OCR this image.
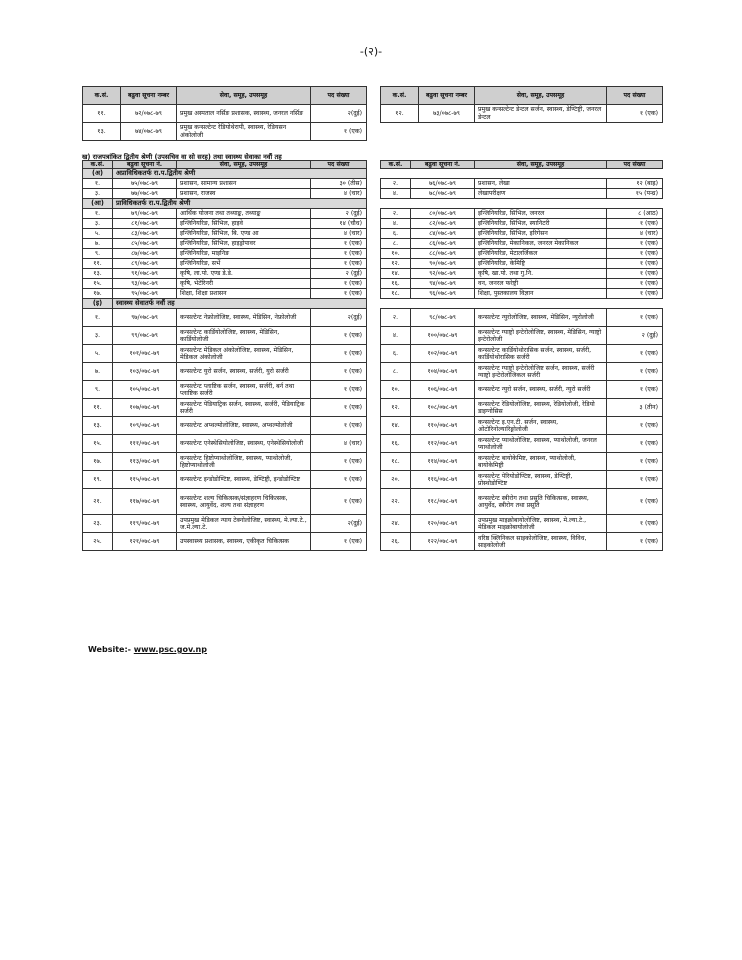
-(२)-
क.सं.	बढुवा सूचना नम्बर	सेवा, समूह, उपसमूह	पद संख्या
११.	७२/०७८-७९	प्रमुख अस्पताल नर्सिङ प्रशासक, स्वास्थ्य, जनरल नर्सिङ	२(दुई)
१३.	७४/०७८-७९	प्रमुख कन्सल्टेन्ट रेडियोथेरापी, स्वास्थ्य, रेडियसन अंकोलोजी	१ (एक)
क.सं.	बढुवा सूचना नम्बर	सेवा, समूह, उपसमूह	पद संख्या
१२.	७३/०७८-७९	प्रमुख कन्सल्टेन्ट डेन्टल सर्जन, स्वास्थ्य, डेण्टिष्ट्री, जनरल डेन्टल	१ (एक)
ख) राजपत्रांकित द्वितीय श्रेणी (उपसचिव वा सो सरह) तथा स्वास्थ्य सेवाका नवौं तह
क.सं.	बढुवा सूचना नं.	सेवा, समूह, उपसमूह	पद संख्या
(अ)	अप्राविधिकतर्फ रा.प.द्वितीय श्रेणी		
१.	७५/०७८-७९	प्रशासन, सामान्य प्रशासन	३० (तीस)
३.	७७/०७८-७९	प्रशासन, राजस्व	४ (चार)
(आ)	प्राविधिकतर्फ रा.प.द्वितीय श्रेणी		
१.	७९/०७८-७९	आर्थिक योजना तथा तथ्याङ्क, तथ्याङ्क	२ (दुई)
३.	८१/०७८-७९	इन्जिनियरिङ, सिभिल, हाइवे	१४ (चौध)
५.	८३/०७८-७९	इन्जिनियरिङ, सिभिल, बि. एण्ड आ	४ (चार)
७.	८५/०७८-७९	इन्जिनियरिङ, सिभिल, हाइड्रोपावर	१ (एक)
९.	८७/०७८-७९	इन्जिनियरिङ, माइनिङ	१ (एक)
११.	८९/०७८-७९	इन्जिनियरिङ, सर्भे	१ (एक)
१३.	९१/०७८-७९	कृषि, ला.पो. एण्ड डे.डे.	२ (दुई)
१५.	९३/०७८-७९	कृषि, भेटेरिनरी	१ (एक)
१७.	९५/०७८-७९	शिक्षा, शिक्षा प्रशासन	१ (एक)
(इ)	स्वास्थ्य सेवातर्फ नवौं तह		
१.	९७/०७८-७९	कन्सल्टेन्ट नेफ्रोलोजिष्ट, स्वास्थ्य, मेडिसिन, नेफ्रोलोजी	२(दुई)
३.	९९/०७८-७९	कन्सल्टेन्ट कार्डियोलोजिष्ट, स्वास्थ्य, मेडिसिन, कार्डियोलोजी	१ (एक)
५.	१०१/०७८-७९	कन्सल्टेन्ट मेडिकल अंकोलोजिष्ट, स्वास्थ्य, मेडिसिन, मेडिकल अंकोलोजी	१ (एक)
७.	१०३/०७८-७९	कन्सल्टेन्ट युरो सर्जन, स्वास्थ्य, सर्जरी, युरो सर्जरी	१ (एक)
९.	१०५/०७८-७९	कन्सल्टेन्ट प्लाष्टिक सर्जन, स्वास्थ्य, सर्जरी, बर्न तथा प्लाष्टिक सर्जरी	१ (एक)
११.	१०७/०७८-७९	कन्सल्टेन्ट पेडियाट्रिक सर्जन, स्वास्थ्य, सर्जरी, पेडियाट्रिक सर्जरी	१ (एक)
१३.	१०९/०७८-७९	कन्सल्टेन्ट अप्थल्मोलोजिष्ट, स्वास्थ्य, अप्थल्मोलोजी	१ (एक)
१५.	१११/०७८-७९	कन्सल्टेन्ट एनेस्थेसियोलोजिष्ट, स्वास्थ्य, एनेस्थेसियोलोजी	४ (चार)
१७.	११३/०७८-७९	कन्सल्टेन्ट हिष्टोप्याथोलोजिष्ट, स्वास्थ्य, प्याथोलोजी, हिष्टोप्याथोलोजी	१ (एक)
१९.	११५/०७८-७९	कन्सल्टेन्ट इन्डोडोण्टिष्ट, स्वास्थ्य, डेण्टिष्ट्री, इन्डोडोण्टिष्ट	१ (एक)
२१.	११७/०७८-७९	कन्सल्टेन्ट शल्य चिकित्सक/संज्ञाहरण चिकित्सक, स्वास्थ्य, आयुर्वेद, शल्य तथा संज्ञाहरण	१ (एक)
२३.	११९/०७८-७९	उपप्रमुख मेडिकल न्याय टेक्नोलोजिष्ट, स्वास्थ्य, मे.ल्या.टे., ज.मे.ल्या.टे.	२(दुई)
२५.	१२१/०७८-७९	उपस्वास्थ्य प्रशासक, स्वास्थ्य, एकीकृत चिकित्सक	१ (एक)
क.सं.	बढुवा सूचना नं.	सेवा, समूह, उपसमूह	पद संख्या

२.	७६/०७८-७९	प्रशासन, लेखा	१२ (बाह्र)
४.	७८/०७८-७९	लेखापरीक्षण	१५ (पन्ध्र)

२.	८०/०७८-७९	इन्जिनियरिङ, सिभिल, जनरल	८ (आठ)
४.	८२/०७८-७९	इन्जिनियरिङ, सिभिल, स्यानिटरी	१ (एक)
६.	८४/०७८-७९	इन्जिनियरिङ, सिभिल, इरिगेसन	४ (चार)
८.	८६/०७८-७९	इन्जिनियरिङ, मेकानिकल, जनरल मेकानिकल	१ (एक)
१०.	८८/०७८-७९	इन्जिनियरिङ, मेटालर्जिकल	१ (एक)
१२.	९०/०७८-७९	इन्जिनियरिङ, केमिष्ट्रि	१ (एक)
१४.	९२/०७८-७९	कृषि, खा.पो. तथा गु.नि.	१ (एक)
१६.	९४/०७८-७९	वन, जनरल फरेष्ट्री	१ (एक)
१८.	९६/०७८-७९	शिक्षा, पुस्तकालय विज्ञान	१ (एक)

२.	९८/०७८-७९	कन्सल्टेन्ट न्युरोलोजिष्ट, स्वास्थ्य, मेडिसिन, न्युरोलोजी	१ (एक)
४.	१००/०७८-७९	कन्सल्टेन्ट ग्याष्ट्रो इन्टेरोलोजिष्ट, स्वास्थ्य, मेडिसिन, ग्याष्ट्रो इन्टेरोलोजी	२ (दुई)
६.	१०२/०७८-७९	कन्सल्टेन्ट कार्डियोथोरासिक सर्जन, स्वास्थ्य, सर्जरी, कार्डियोथोरासिक सर्जरी	१ (एक)
८.	१०४/०७८-७९	कन्सल्टेन्ट ग्याष्ट्रो इन्टेरोलोजिष्ट सर्जन, स्वास्थ्य, सर्जरी ग्याष्ट्रो इन्टेरोलोजिकल सर्जरी	१ (एक)
१०.	१०६/०७८-७९	कन्सल्टेन्ट न्युरो सर्जन, स्वास्थ्य, सर्जरी, न्युरो सर्जरी	१ (एक)
१२.	१०८/०७८-७९	कन्सल्टेन्ट रेडियोलोजिष्ट, स्वास्थ्य, रेडियोलोजी, रेडियो डाइग्नोसिस	३ (तीन)
१४.	११०/०७८-७९	कन्सल्टेन्ट इ.एन.टी. सर्जन, स्वास्थ्य, ओटोरिनोल्यारिङ्गोलोजी	१ (एक)
१६.	११२/०७८-७९	कन्सल्टेन्ट प्याथोलोजिष्ट, स्वास्थ्य, प्याथोलोजी, जनरल प्याथोलोजी	१ (एक)
१८.	११४/०७८-७९	कन्सल्टेन्ट बायोकेमिष्ट, स्वास्थ्य, प्याथोलोजी, बायोकेमिष्ट्री	१ (एक)
२०.	११६/०७८-७९	कन्सल्टेन्ट पेरियोडोण्टिष्ट, स्वास्थ्य, डेण्टिष्ट्री, प्रोस्थोडोण्टिष्ट	१ (एक)
२२.	११८/०७८-७९	कन्सल्टेन्ट स्त्रीरोग तथा प्रसूति चिकित्सक, स्वास्थ्य, आयुर्वेद, स्त्रीरोग तथा प्रसूति	१ (एक)
२४.	१२०/०७८-७९	उपप्रमुख माइक्रोबायोलोजिष्ट, स्वास्थ्य, मे.ल्या.टे., मेडिकल माइक्रोबायोलोजी	१ (एक)
२६.	१२२/०७८-७९	वरिष्ठ क्लिनिकल साइकोलोजिष्ट, स्वास्थ्य, विविध, साइकोलोजी	१ (एक)
Website:- www.psc.gov.np
